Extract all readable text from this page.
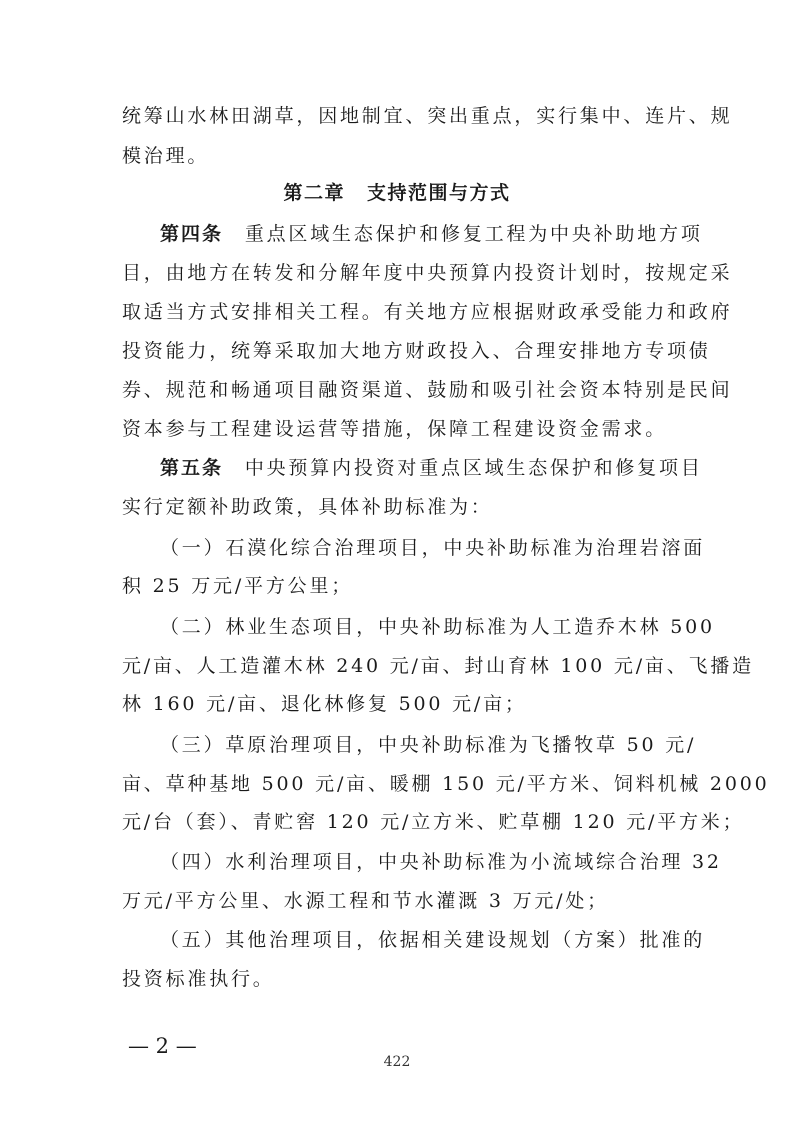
统筹山水林田湖草，因地制宜、突出重点，实行集中、连片、规
模治理。
第二章 支持范围与方式
第四条  重点区域生态保护和修复工程为中央补助地方项
目，由地方在转发和分解年度中央预算内投资计划时，按规定采
取适当方式安排相关工程。有关地方应根据财政承受能力和政府
投资能力，统筹采取加大地方财政投入、合理安排地方专项债
券、规范和畅通项目融资渠道、鼓励和吸引社会资本特别是民间
资本参与工程建设运营等措施，保障工程建设资金需求。
第五条  中央预算内投资对重点区域生态保护和修复项目
实行定额补助政策，具体补助标准为：
（一）石漠化综合治理项目，中央补助标准为治理岩溶面
积 25 万元/平方公里；
（二）林业生态项目，中央补助标准为人工造乔木林 500
元/亩、人工造灌木林 240 元/亩、封山育林 100 元/亩、飞播造
林 160 元/亩、退化林修复 500 元/亩；
（三）草原治理项目，中央补助标准为飞播牧草 50 元/
亩、草种基地 500 元/亩、暖棚 150 元/平方米、饲料机械 2000
元/台（套）、青贮窖 120 元/立方米、贮草棚 120 元/平方米；
（四）水利治理项目，中央补助标准为小流域综合治理 32
万元/平方公里、水源工程和节水灌溉 3 万元/处；
（五）其他治理项目，依据相关建设规划（方案）批准的
投资标准执行。
— 2 —
422
